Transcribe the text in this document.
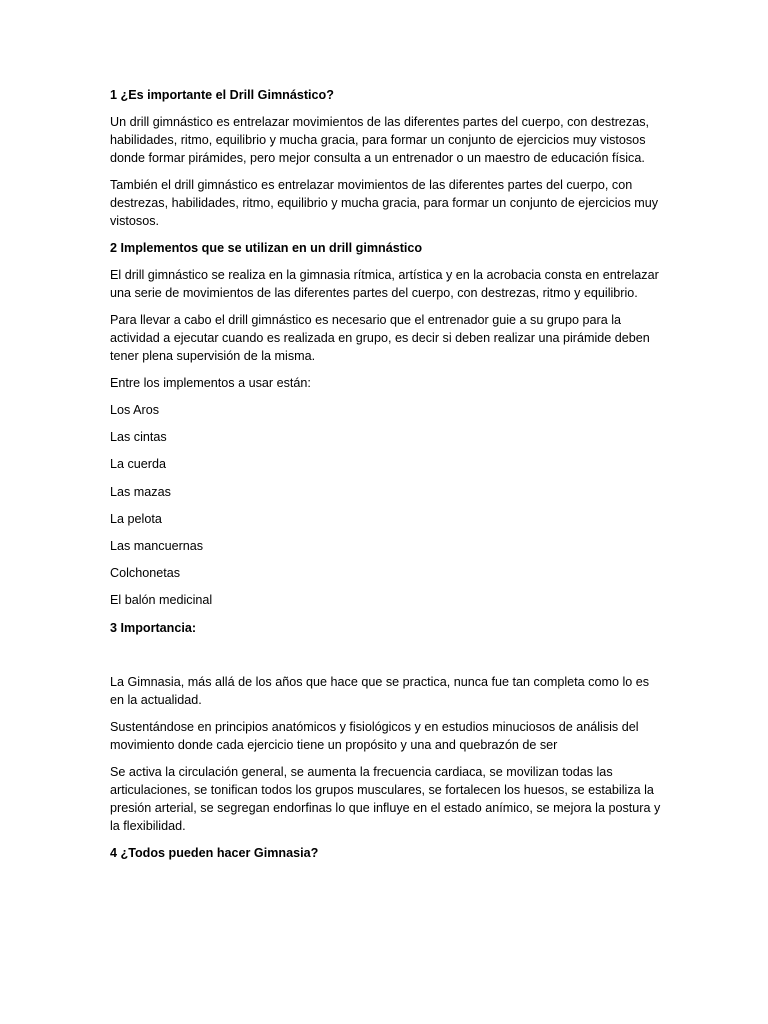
1 ¿Es importante el Drill Gimnástico?

Un drill gimnástico es entrelazar movimientos de las diferentes partes del cuerpo, con destrezas, habilidades, ritmo, equilibrio y mucha gracia, para formar un conjunto de ejercicios muy vistosos donde formar pirámides, pero mejor consulta a un entrenador o un maestro de educación física.

También el drill gimnástico es entrelazar movimientos de las diferentes partes del cuerpo, con destrezas, habilidades, ritmo, equilibrio y mucha gracia, para formar un conjunto de ejercicios muy vistosos.

2 Implementos que se utilizan en un drill gimnástico

El drill gimnástico se realiza en la gimnasia rítmica, artística y en la acrobacia consta en entrelazar una serie de movimientos de las diferentes partes del cuerpo, con destrezas, ritmo y equilibrio.

Para llevar a cabo el drill gimnástico es necesario que el entrenador guie a su grupo para la actividad a ejecutar cuando es realizada en grupo, es decir si deben realizar una pirámide deben tener plena supervisión de la misma.

Entre los implementos a usar están:

Los Aros

Las cintas

La cuerda

Las mazas

La pelota

Las mancuernas

Colchonetas

El balón medicinal

3 Importancia:

La Gimnasia, más allá de los años que hace que se practica, nunca fue tan completa como lo es en la actualidad.

Sustentándose en principios anatómicos y fisiológicos y en estudios minuciosos de análisis del movimiento donde cada ejercicio tiene un propósito y una and quebrazón de ser

Se activa la circulación general, se aumenta la frecuencia cardiaca, se movilizan todas las articulaciones, se tonifican todos los grupos musculares, se fortalecen los huesos, se estabiliza la presión arterial, se segregan endorfinas lo que influye en el estado anímico, se mejora la postura y la flexibilidad.

4 ¿Todos pueden hacer Gimnasia?
